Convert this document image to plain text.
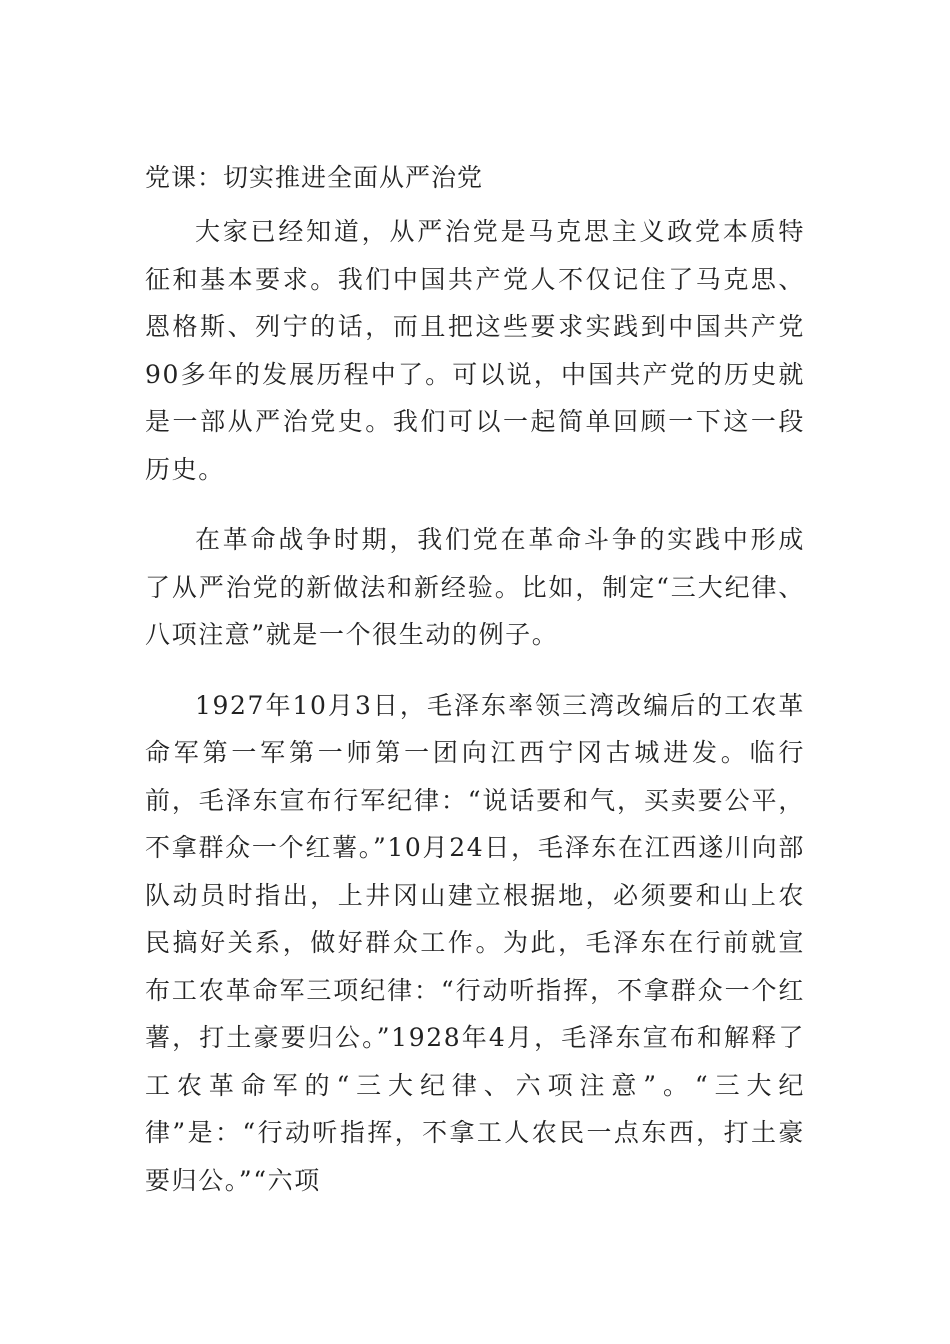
党课：切实推进全面从严治党

大家已经知道，从严治党是马克思主义政党本质特征和基本要求。我们中国共产党人不仅记住了马克思、恩格斯、列宁的话，而且把这些要求实践到中国共产党90多年的发展历程中了。可以说，中国共产党的历史就是一部从严治党史。我们可以一起简单回顾一下这一段历史。

在革命战争时期，我们党在革命斗争的实践中形成了从严治党的新做法和新经验。比如，制定“三大纪律、八项注意”就是一个很生动的例子。

1927年10月3日，毛泽东率领三湾改编后的工农革命军第一军第一师第一团向江西宁冈古城进发。临行前，毛泽东宣布行军纪律：“说话要和气，买卖要公平，不拿群众一个红薯。”10月24日，毛泽东在江西遂川向部队动员时指出，上井冈山建立根据地，必须要和山上农民搞好关系，做好群众工作。为此，毛泽东在行前就宣布工农革命军三项纪律：“行动听指挥，不拿群众一个红薯，打土豪要归公。”1928年4月，毛泽东宣布和解释了工农革命军的“三大纪律、六项注意”。“三大纪律”是：“行动听指挥，不拿工人农民一点东西，打土豪要归公。”“六项
